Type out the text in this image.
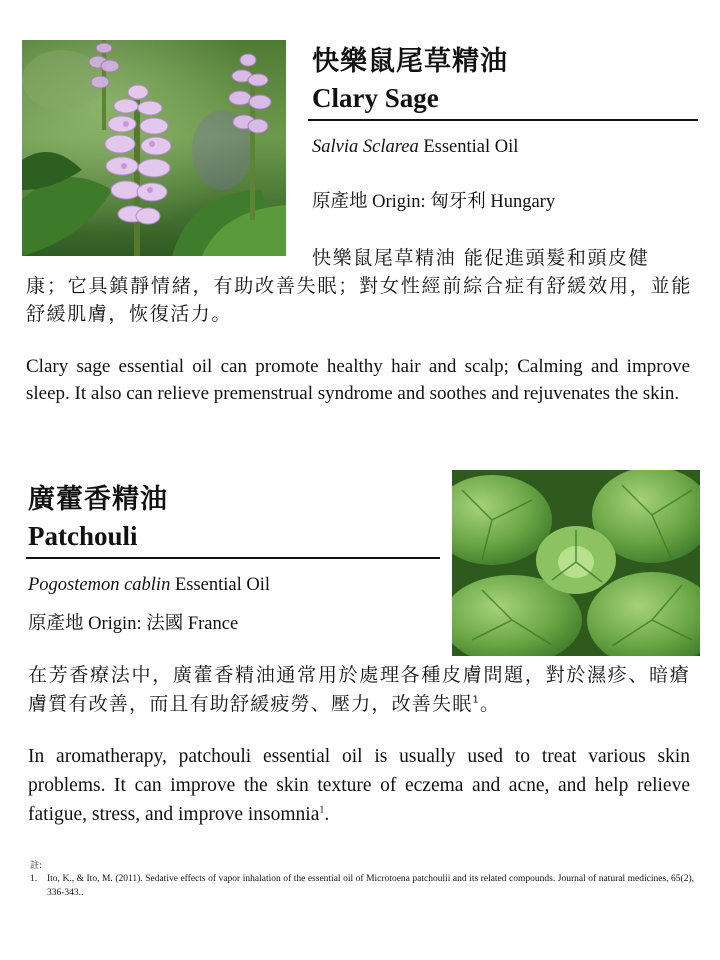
快樂鼠尾草精油
Clary Sage
Salvia Sclarea Essential Oil
原產地 Origin: 匈牙利 Hungary
快樂鼠尾草精油 能促進頭髮和頭皮健
康；它具鎮靜情緒，有助改善失眠；對女性經前綜合症有舒緩效用，並能舒緩肌膚，恢復活力。
Clary sage essential oil can promote healthy hair and scalp; Calming and improve sleep. It also can relieve premenstrual syndrome and soothes and rejuvenates the skin.
廣藿香精油
Patchouli
Pogostemon cablin Essential Oil
原產地 Origin: 法國 France
在芳香療法中，廣藿香精油通常用於處理各種皮膚問題，對於濕疹、暗瘡膚質有改善，而且有助舒緩疲勞、壓力，改善失眠$^1$。
In aromatherapy, patchouli essential oil is usually used to treat various skin problems. It can improve the skin texture of eczema and acne, and help relieve fatigue, stress, and improve insomnia$^1$.
註:
1. Ito, K., & Ito, M. (2011). Sedative effects of vapor inhalation of the essential oil of Microtoena patchoulii and its related compounds. Journal of natural medicines, 65(2), 336-343..
